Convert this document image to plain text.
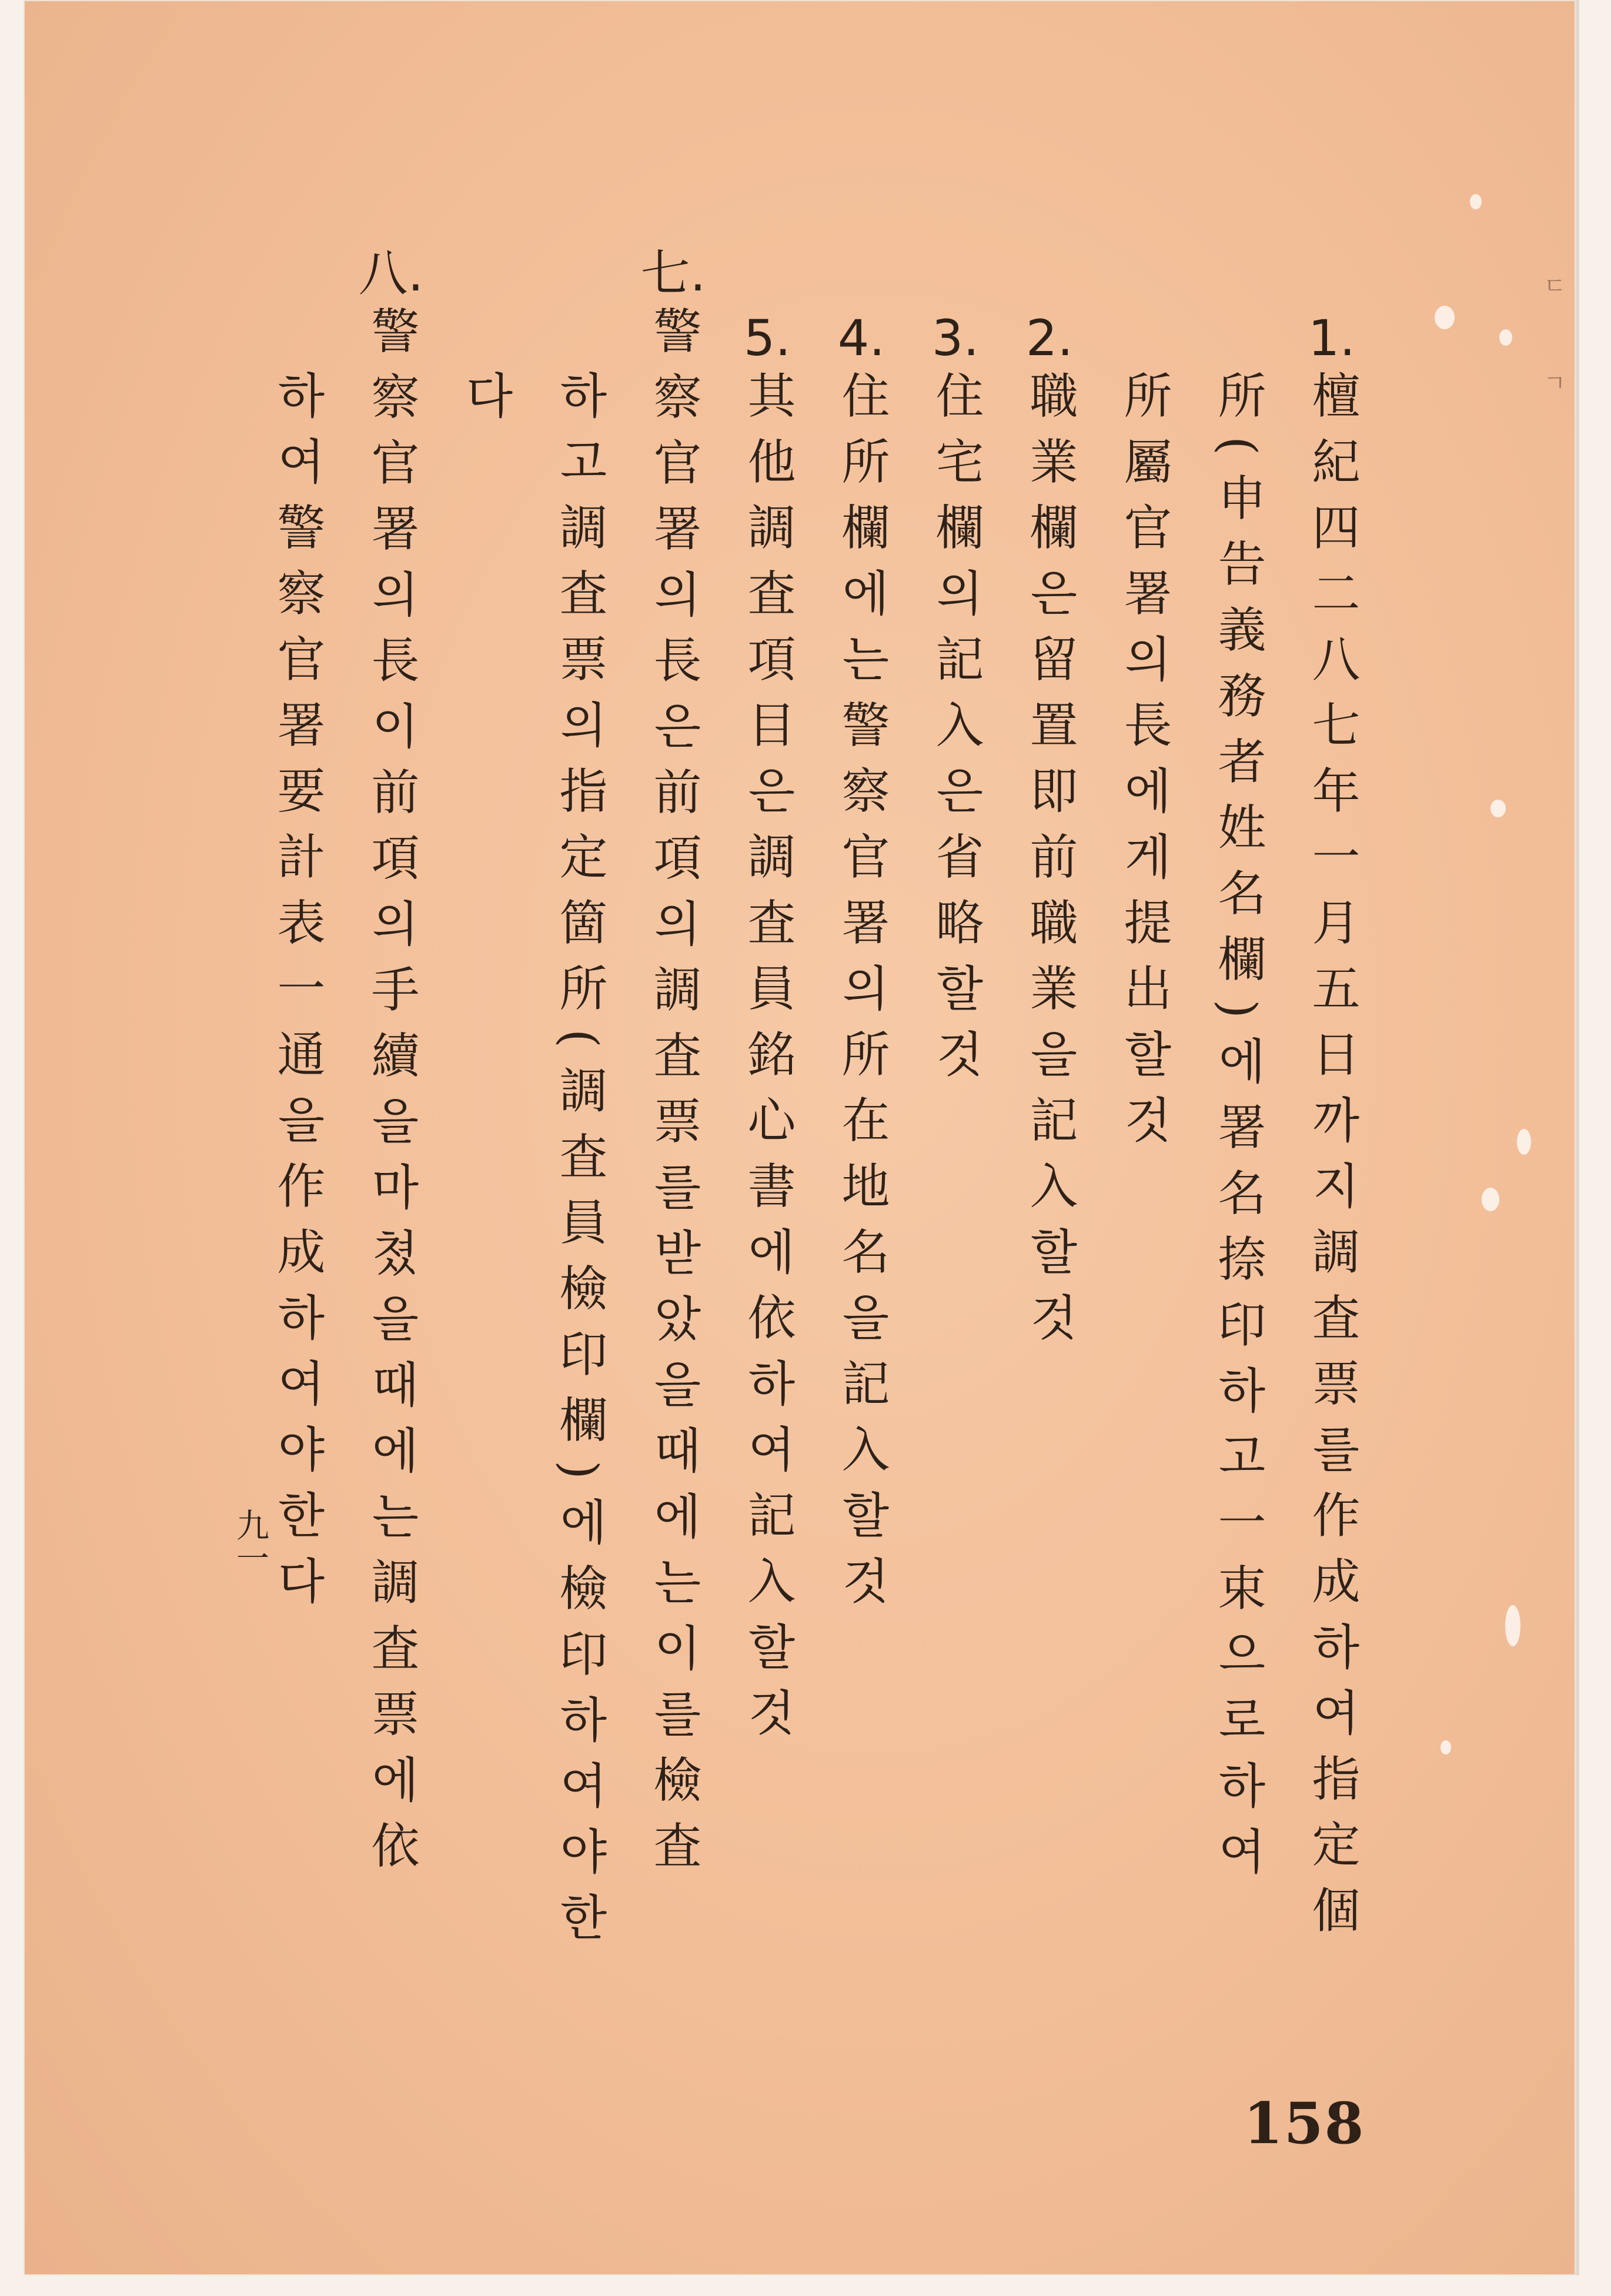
ㄷ
ㄱ
1.
檀紀四二八七年一月五日까지調査票를作成하여指定個
所(申告義務者姓名欄)에署名捺印하고一束으로하여
所屬官署의長에게提出할것
2.
職業欄은留置即前職業을記入할것
3.
住宅欄의記入은省略할것
4.
住所欄에는警察官署의所在地名을記入할것
5.
其他調査項目은調査員銘心書에依하여記入할것
七.
警察官署의長은前項의調査票를받았을때에는이를檢査
하고調査票의指定箇所(調査員檢印欄)에檢印하여야한
다
八.
警察官署의長이前項의手續을마쳤을때에는調査票에依
하여警察官署要計表一通을作成하여야한다
九一
158
